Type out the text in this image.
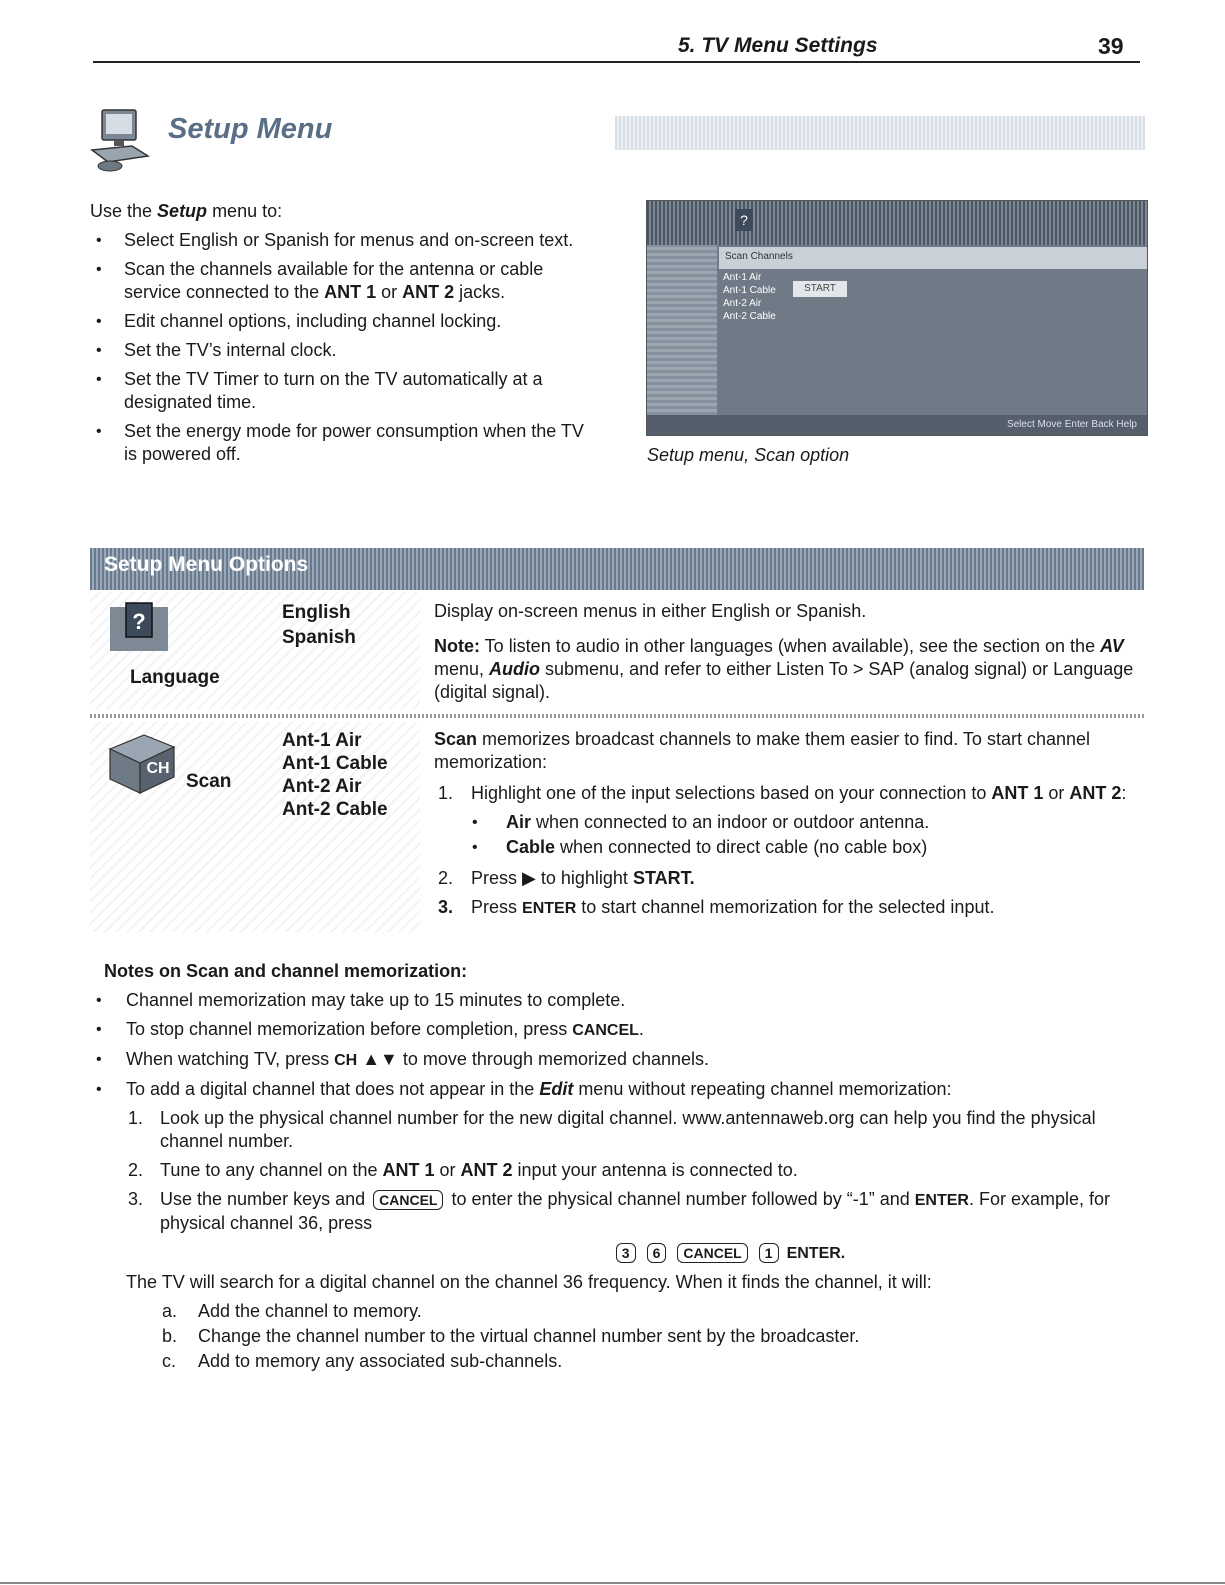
5. TV Menu Settings	39
Setup Menu

Use the Setup menu to:

• Select English or Spanish for menus and on-screen text.
• Scan the channels available for the antenna or cable service connected to the ANT 1 or ANT 2 jacks.
• Edit channel options, including channel locking.
• Set the TV’s internal clock.
• Set the TV Timer to turn on the TV automatically at a designated time.
• Set the energy mode for power consumption when the TV is powered off.
?
Scan Channels
Ant-1 Air
Ant-1 Cable
Ant-2 Air
Ant-2 Cable
START
Select Move Enter Back Help
Setup menu, Scan option
Setup Menu Options
?
Language
English
Spanish

Display on-screen menus in either English or Spanish.

Note: To listen to audio in other languages (when available), see the section on the AV menu, Audio submenu, and refer to either Listen To > SAP (analog signal) or Language (digital signal).

CH
Scan
Ant-1 Air
Ant-1 Cable
Ant-2 Air
Ant-2 Cable

Scan memorizes broadcast channels to make them easier to find. To start channel memorization:

1. Highlight one of the input selections based on your connection to ANT 1 or ANT 2:
• Air when connected to an indoor or outdoor antenna.
• Cable when connected to direct cable (no cable box)
2. Press ▶ to highlight START.
3. Press ENTER to start channel memorization for the selected input.
Notes on Scan and channel memorization:
• Channel memorization may take up to 15 minutes to complete.
• To stop channel memorization before completion, press CANCEL.
• When watching TV, press CH ▲▼ to move through memorized channels.
• To add a digital channel that does not appear in the Edit menu without repeating channel memorization:
1. Look up the physical channel number for the new digital channel. www.antennaweb.org can help you find the physical channel number.
2. Tune to any channel on the ANT 1 or ANT 2 input your antenna is connected to.
3. Use the number keys and CANCEL to enter the physical channel number followed by “-1” and ENTER. For example, for physical channel 36, press
3 6 CANCEL 1 ENTER.
The TV will search for a digital channel on the channel 36 frequency. When it finds the channel, it will:
a. Add the channel to memory.
b. Change the channel number to the virtual channel number sent by the broadcaster.
c. Add to memory any associated sub-channels.
